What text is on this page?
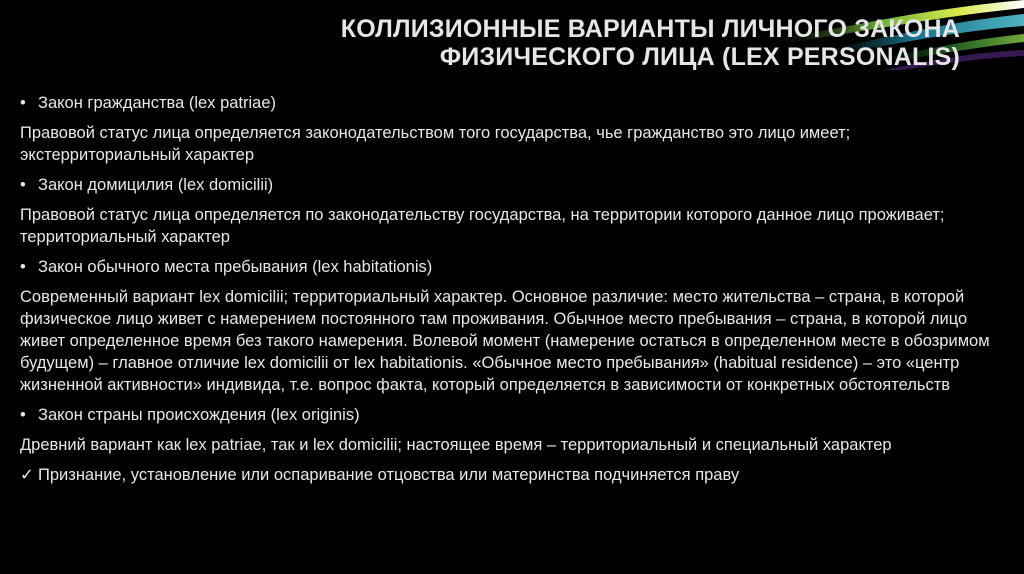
КОЛЛИЗИОННЫЕ ВАРИАНТЫ ЛИЧНОГО ЗАКОНА
ФИЗИЧЕСКОГО ЛИЦА (LEX PERSONALIS)
• Закон гражданства (lex patriae)
Правовой статус лица определяется законодательством того государства, чье гражданство это лицо имеет; экстерриториальный характер
• Закон домицилия (lex domicilii)
Правовой статус лица определяется по законодательству государства, на территории которого данное лицо проживает; территориальный характер
• Закон обычного места пребывания (lex habitationis)
Современный вариант lex domicilii; территориальный характер. Основное различие: место жительства – страна, в которой физическое лицо живет с намерением постоянного там проживания. Обычное место пребывания – страна, в которой лицо живет определенное время без такого намерения. Волевой момент (намерение остаться в определенном месте в обозримом будущем) – главное отличие lex domicilii от lex habitationis. «Обычное место пребывания» (habitual residence) – это «центр жизненной активности» индивида, т.е. вопрос факта, который определяется в зависимости от конкретных обстоятельств
• Закон страны происхождения (lex originis)
Древний вариант как lex patriae, так и lex domicilii; настоящее время – территориальный и специальный характер
✓ Признание, установление или оспаривание отцовства или материнства подчиняется праву
